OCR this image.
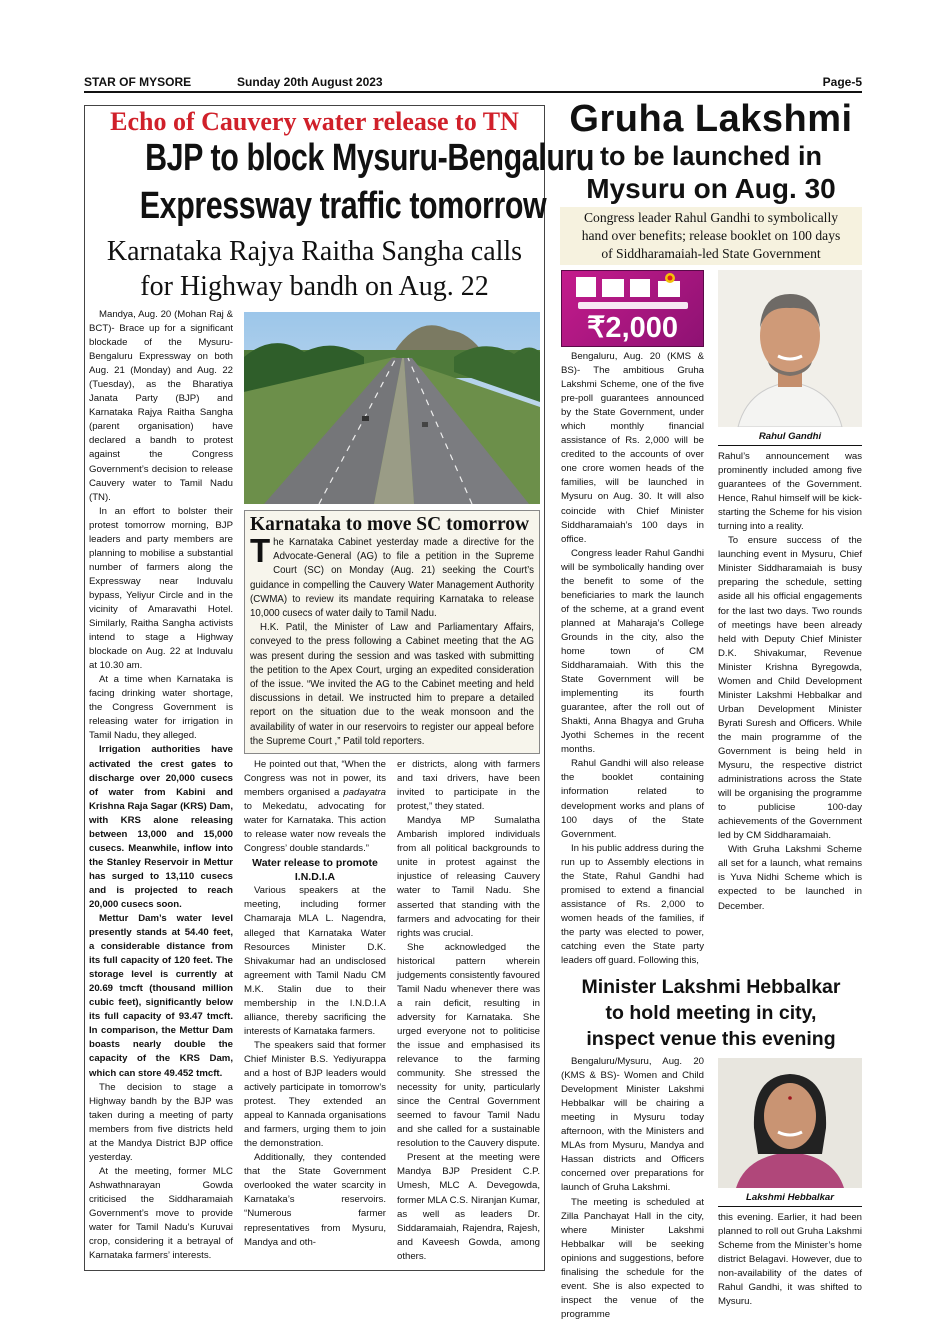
STAR OF MYSORE	Sunday 20th August 2023	Page-5
Echo of Cauvery water release to TN
BJP to block Mysuru-Bengaluru
Expressway traffic tomorrow
Karnataka Rajya Raitha Sangha calls
for Highway bandh on Aug. 22

Mandya, Aug. 20 (Mohan Raj & BCT)- Brace up for a significant blockade of the Mysuru-Bengaluru Expressway on both Aug. 21 (Monday) and Aug. 22 (Tuesday), as the Bharatiya Janata Party (BJP) and Karnataka Rajya Raitha Sangha (parent organisation) have declared a bandh to protest against the Congress Government’s decision to release Cauvery water to Tamil Nadu (TN).

In an effort to bolster their protest tomorrow morning, BJP leaders and party members are planning to mobilise a substantial number of farmers along the Expressway near Induvalu bypass, Yeliyur Circle and in the vicinity of Amaravathi Hotel. Similarly, Raitha Sangha activists intend to stage a Highway blockade on Aug. 22 at Induvalu at 10.30 am.

At a time when Karnataka is facing drinking water shortage, the Congress Government is releasing water for irrigation in Tamil Nadu, they alleged.

Irrigation authorities have activated the crest gates to discharge over 20,000 cusecs of water from Kabini and Krishna Raja Sagar (KRS) Dam, with KRS alone releasing between 13,000 and 15,000 cusecs. Meanwhile, inflow into the Stanley Reservoir in Mettur has surged to 13,110 cusecs and is projected to reach 20,000 cusecs soon.

Mettur Dam’s water level presently stands at 54.40 feet, a considerable distance from its full capacity of 120 feet. The storage level is currently at 20.69 tmcft (thousand million cubic feet), significantly below its full capacity of 93.47 tmcft. In comparison, the Mettur Dam boasts nearly double the capacity of the KRS Dam, which can store 49.452 tmcft.

The decision to stage a Highway bandh by the BJP was taken during a meeting of party members from five districts held at the Mandya District BJP office yesterday.

At the meeting, former MLC Ashwathnarayan Gowda criticised the Siddharamaiah Government’s move to provide water for Tamil Nadu’s Kuruvai crop, considering it a betrayal of Karnataka farmers’ interests.

Karnataka to move SC tomorrow

The Karnataka Cabinet yesterday made a directive for the Advocate-General (AG) to file a petition in the Supreme Court (SC) on Monday (Aug. 21) seeking the Court’s guidance in compelling the Cauvery Water Management Authority (CWMA) to review its mandate requiring Karnataka to release 10,000 cusecs of water daily to Tamil Nadu.

H.K. Patil, the Minister of Law and Parliamentary Affairs, conveyed to the press following a Cabinet meeting that the AG was present during the session and was tasked with submitting the petition to the Apex Court, urging an expedited consideration of the issue. “We invited the AG to the Cabinet meeting and held discussions in detail. We instructed him to prepare a detailed report on the situation due to the weak monsoon and the availability of water in our reservoirs to register our appeal before the Supreme Court ,” Patil told reporters.

He pointed out that, “When the Congress was not in power, its members organised a padayatra to Mekedatu, advocating for water for Karnataka. This action to release water now reveals the Congress’ double standards.”

Water release to promote I.N.D.I.A

Various speakers at the meeting, including former Chamaraja MLA L. Nagendra, alleged that Karnataka Water Resources Minister D.K. Shivakumar had an undisclosed agreement with Tamil Nadu CM M.K. Stalin due to their membership in the I.N.D.I.A alliance, thereby sacrificing the interests of Karnataka farmers.

The speakers said that former Chief Minister B.S. Yediyurappa and a host of BJP leaders would actively participate in tomorrow’s protest. They extended an appeal to Kannada organisations and farmers, urging them to join the demonstration.

Additionally, they contended that the State Government overlooked the water scarcity in Karnataka’s reservoirs. “Numerous farmer representatives from Mysuru, Mandya and oth-

er districts, along with farmers and taxi drivers, have been invited to participate in the protest,” they stated.

Mandya MP Sumalatha Ambarish implored individuals from all political backgrounds to unite in protest against the injustice of releasing Cauvery water to Tamil Nadu. She asserted that standing with the farmers and advocating for their rights was crucial.

She acknowledged the historical pattern wherein judgements consistently favoured Tamil Nadu whenever there was a rain deficit, resulting in adversity for Karnataka. She urged everyone not to politicise the issue and emphasised its relevance to the farming community. She stressed the necessity for unity, particularly since the Central Government seemed to favour Tamil Nadu and she called for a sustainable resolution to the Cauvery dispute.

Present at the meeting were Mandya BJP President C.P. Umesh, MLC A. Devegowda, former MLA C.S. Niranjan Kumar, as well as leaders Dr. Siddaramaiah, Rajendra, Rajesh, and Kaveesh Gowda, among others.

Gruha Lakshmi
to be launched in
Mysuru on Aug. 30
Congress leader Rahul Gandhi to symbolically
hand over benefits; release booklet on 100 days
of Siddharamaiah-led State Government
₹2,000

Bengaluru, Aug. 20 (KMS & BS)- The ambitious Gruha Lakshmi Scheme, one of the five pre-poll guarantees announced by the State Government, under which monthly financial assistance of Rs. 2,000 will be credited to the accounts of over one crore women heads of the families, will be launched in Mysuru on Aug. 30. It will also coincide with Chief Minister Siddharamaiah’s 100 days in office.

Congress leader Rahul Gandhi will be symbolically handing over the benefit to some of the beneficiaries to mark the launch of the scheme, at a grand event planned at Maharaja’s College Grounds in the city, also the home town of CM Siddharamaiah. With this the State Government will be implementing its fourth guarantee, after the roll out of Shakti, Anna Bhagya and Gruha Jyothi Schemes in the recent months.

Rahul Gandhi will also release the booklet containing information related to development works and plans of 100 days of the State Government.

In his public address during the run up to Assembly elections in the State, Rahul Gandhi had promised to extend a financial assistance of Rs. 2,000 to women heads of the families, if the party was elected to power, catching even the State party leaders off guard. Following this,

Rahul Gandhi

Rahul’s announcement was prominently included among five guarantees of the Government. Hence, Rahul himself will be kick-starting the Scheme for his vision turning into a reality.

To ensure success of the launching event in Mysuru, Chief Minister Siddharamaiah is busy preparing the schedule, setting aside all his official engagements for the last two days. Two rounds of meetings have been already held with Deputy Chief Minister D.K. Shivakumar, Revenue Minister Krishna Byregowda, Women and Child Development Minister Lakshmi Hebbalkar and Urban Development Minister Byrati Suresh and Officers. While the main programme of the Government is being held in Mysuru, the respective district administrations across the State will be organising the programme to publicise 100-day achievements of the Government led by CM Siddharamaiah.

With Gruha Lakshmi Scheme all set for a launch, what remains is Yuva Nidhi Scheme which is expected to be launched in December.

Minister Lakshmi Hebbalkar
to hold meeting in city,
inspect venue this evening

Bengaluru/Mysuru, Aug. 20 (KMS & BS)- Women and Child Development Minister Lakshmi Hebbalkar will be chairing a meeting in Mysuru today afternoon, with the Ministers and MLAs from Mysuru, Mandya and Hassan districts and Officers concerned over preparations for launch of Gruha Lakshmi.

The meeting is scheduled at Zilla Panchayat Hall in the city, where Minister Lakshmi Hebbalkar will be seeking opinions and suggestions, before finalising the schedule for the event. She is also expected to inspect the venue of the programme

Lakshmi Hebbalkar

this evening. Earlier, it had been planned to roll out Gruha Lakshmi Scheme from the Minister’s home district Belagavi. However, due to non-availability of the dates of Rahul Gandhi, it was shifted to Mysuru.
